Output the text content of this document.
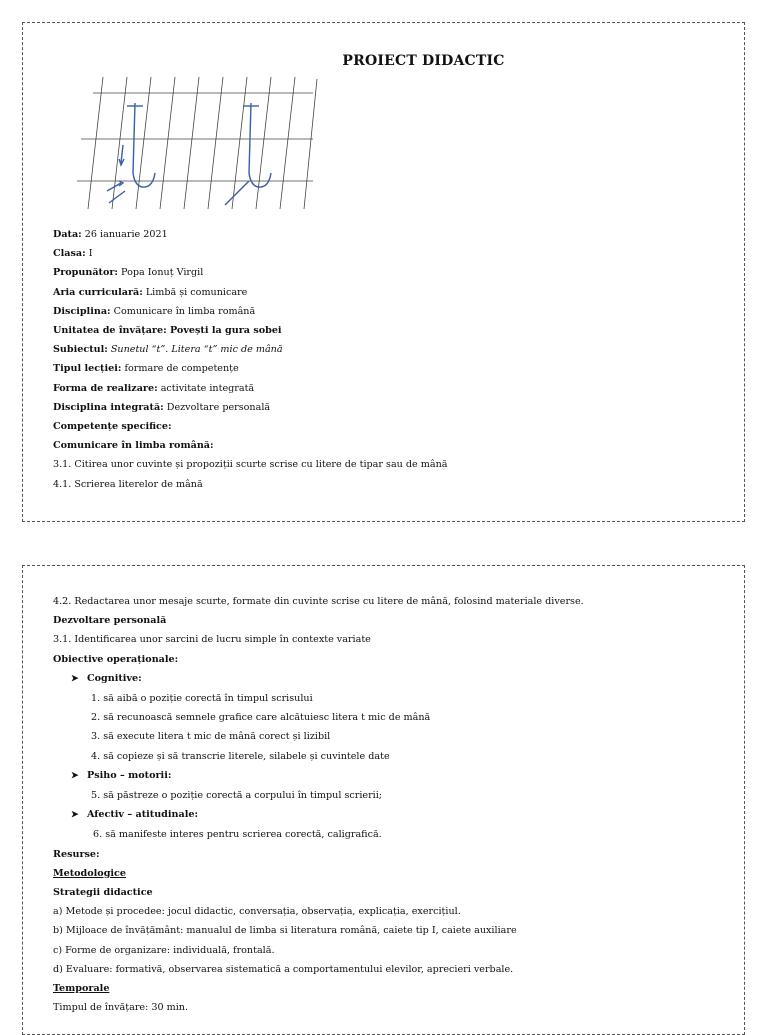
PROIECT DIDACTIC
Data: 26 ianuarie 2021
Clasa: I
Propunător: Popa Ionuț Virgil
Aria curriculară: Limbă și comunicare
Disciplina: Comunicare în limba română
Unitatea de învățare: Povești la gura sobei
Subiectul: Sunetul “t”. Litera “t” mic de mână
Tipul lecției: formare de competențe
Forma de realizare: activitate integrată
Disciplina integrată: Dezvoltare personală
Competențe specifice:
Comunicare în limba română:
3.1. Citirea unor cuvinte și propoziții scurte scrise cu litere de tipar sau de mână
4.1. Scrierea literelor de mână
4.2. Redactarea unor mesaje scurte, formate din cuvinte scrise cu litere de mână, folosind materiale diverse.
Dezvoltare personală
3.1. Identificarea unor sarcini de lucru simple în contexte variate
Obiective operaționale:
➤ Cognitive:
1. să aibă o poziție corectă în timpul scrisului
2. să recunoască semnele grafice care alcătuiesc litera t mic de mână
3. să execute litera t mic de mână corect și lizibil
4. să copieze și să transcrie literele, silabele și cuvintele date
➤ Psiho – motorii:
5. să păstreze o poziție corectă a corpului în timpul scrierii;
➤ Afectiv – atitudinale:
6. să manifeste interes pentru scrierea corectă, caligrafică.
Resurse:
Metodologice
Strategii didactice
a) Metode și procedee: jocul didactic, conversația, observația, explicația, exercițiul.
b) Mijloace de învățământ: manualul de limba si literatura română, caiete tip I, caiete auxiliare
c) Forme de organizare: individuală, frontală.
d) Evaluare: formativă, observarea sistematică a comportamentului elevilor, aprecieri verbale.
Temporale
Timpul de învățare: 30 min.
